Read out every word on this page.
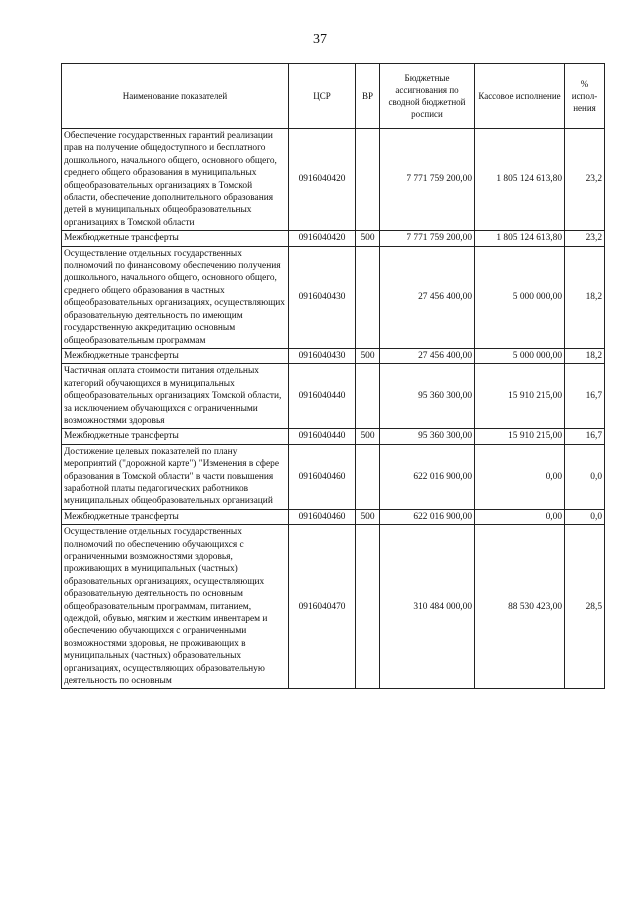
37
Наименование показателей	ЦСР	ВР	Бюджетные ассигнования по сводной бюджетной росписи	Кассовое исполнение	% испол-нения
Обеспечение государственных гарантий реализации прав на получение общедоступного и бесплатного дошкольного, начального общего, основного общего, среднего общего образования в муниципальных общеобразовательных организациях в Томской области, обеспечение дополнительного образования детей в муниципальных общеобразовательных организациях в Томской области	0916040420		7 771 759 200,00	1 805 124 613,80	23,2
Межбюджетные трансферты	0916040420	500	7 771 759 200,00	1 805 124 613,80	23,2
Осуществление отдельных государственных полномочий по финансовому обеспечению получения дошкольного, начального общего, основного общего, среднего общего образования в частных общеобразовательных организациях, осуществляющих образовательную деятельность по имеющим государственную аккредитацию основным общеобразовательным программам	0916040430		27 456 400,00	5 000 000,00	18,2
Межбюджетные трансферты	0916040430	500	27 456 400,00	5 000 000,00	18,2
Частичная оплата стоимости питания отдельных категорий обучающихся в муниципальных общеобразовательных организациях Томской области, за исключением обучающихся с ограниченными возможностями здоровья	0916040440		95 360 300,00	15 910 215,00	16,7
Межбюджетные трансферты	0916040440	500	95 360 300,00	15 910 215,00	16,7
Достижение целевых показателей по плану мероприятий ("дорожной карте") "Изменения в сфере образования в Томской области" в части повышения заработной платы педагогических работников муниципальных общеобразовательных организаций	0916040460		622 016 900,00	0,00	0,0
Межбюджетные трансферты	0916040460	500	622 016 900,00	0,00	0,0
Осуществление отдельных государственных полномочий по обеспечению обучающихся с ограниченными возможностями здоровья, проживающих в муниципальных (частных) образовательных организациях, осуществляющих образовательную деятельность по основным общеобразовательным программам, питанием, одеждой, обувью, мягким и жестким инвентарем и обеспечению обучающихся с ограниченными возможностями здоровья, не проживающих в муниципальных (частных) образовательных организациях, осуществляющих образовательную деятельность по основным	0916040470		310 484 000,00	88 530 423,00	28,5
